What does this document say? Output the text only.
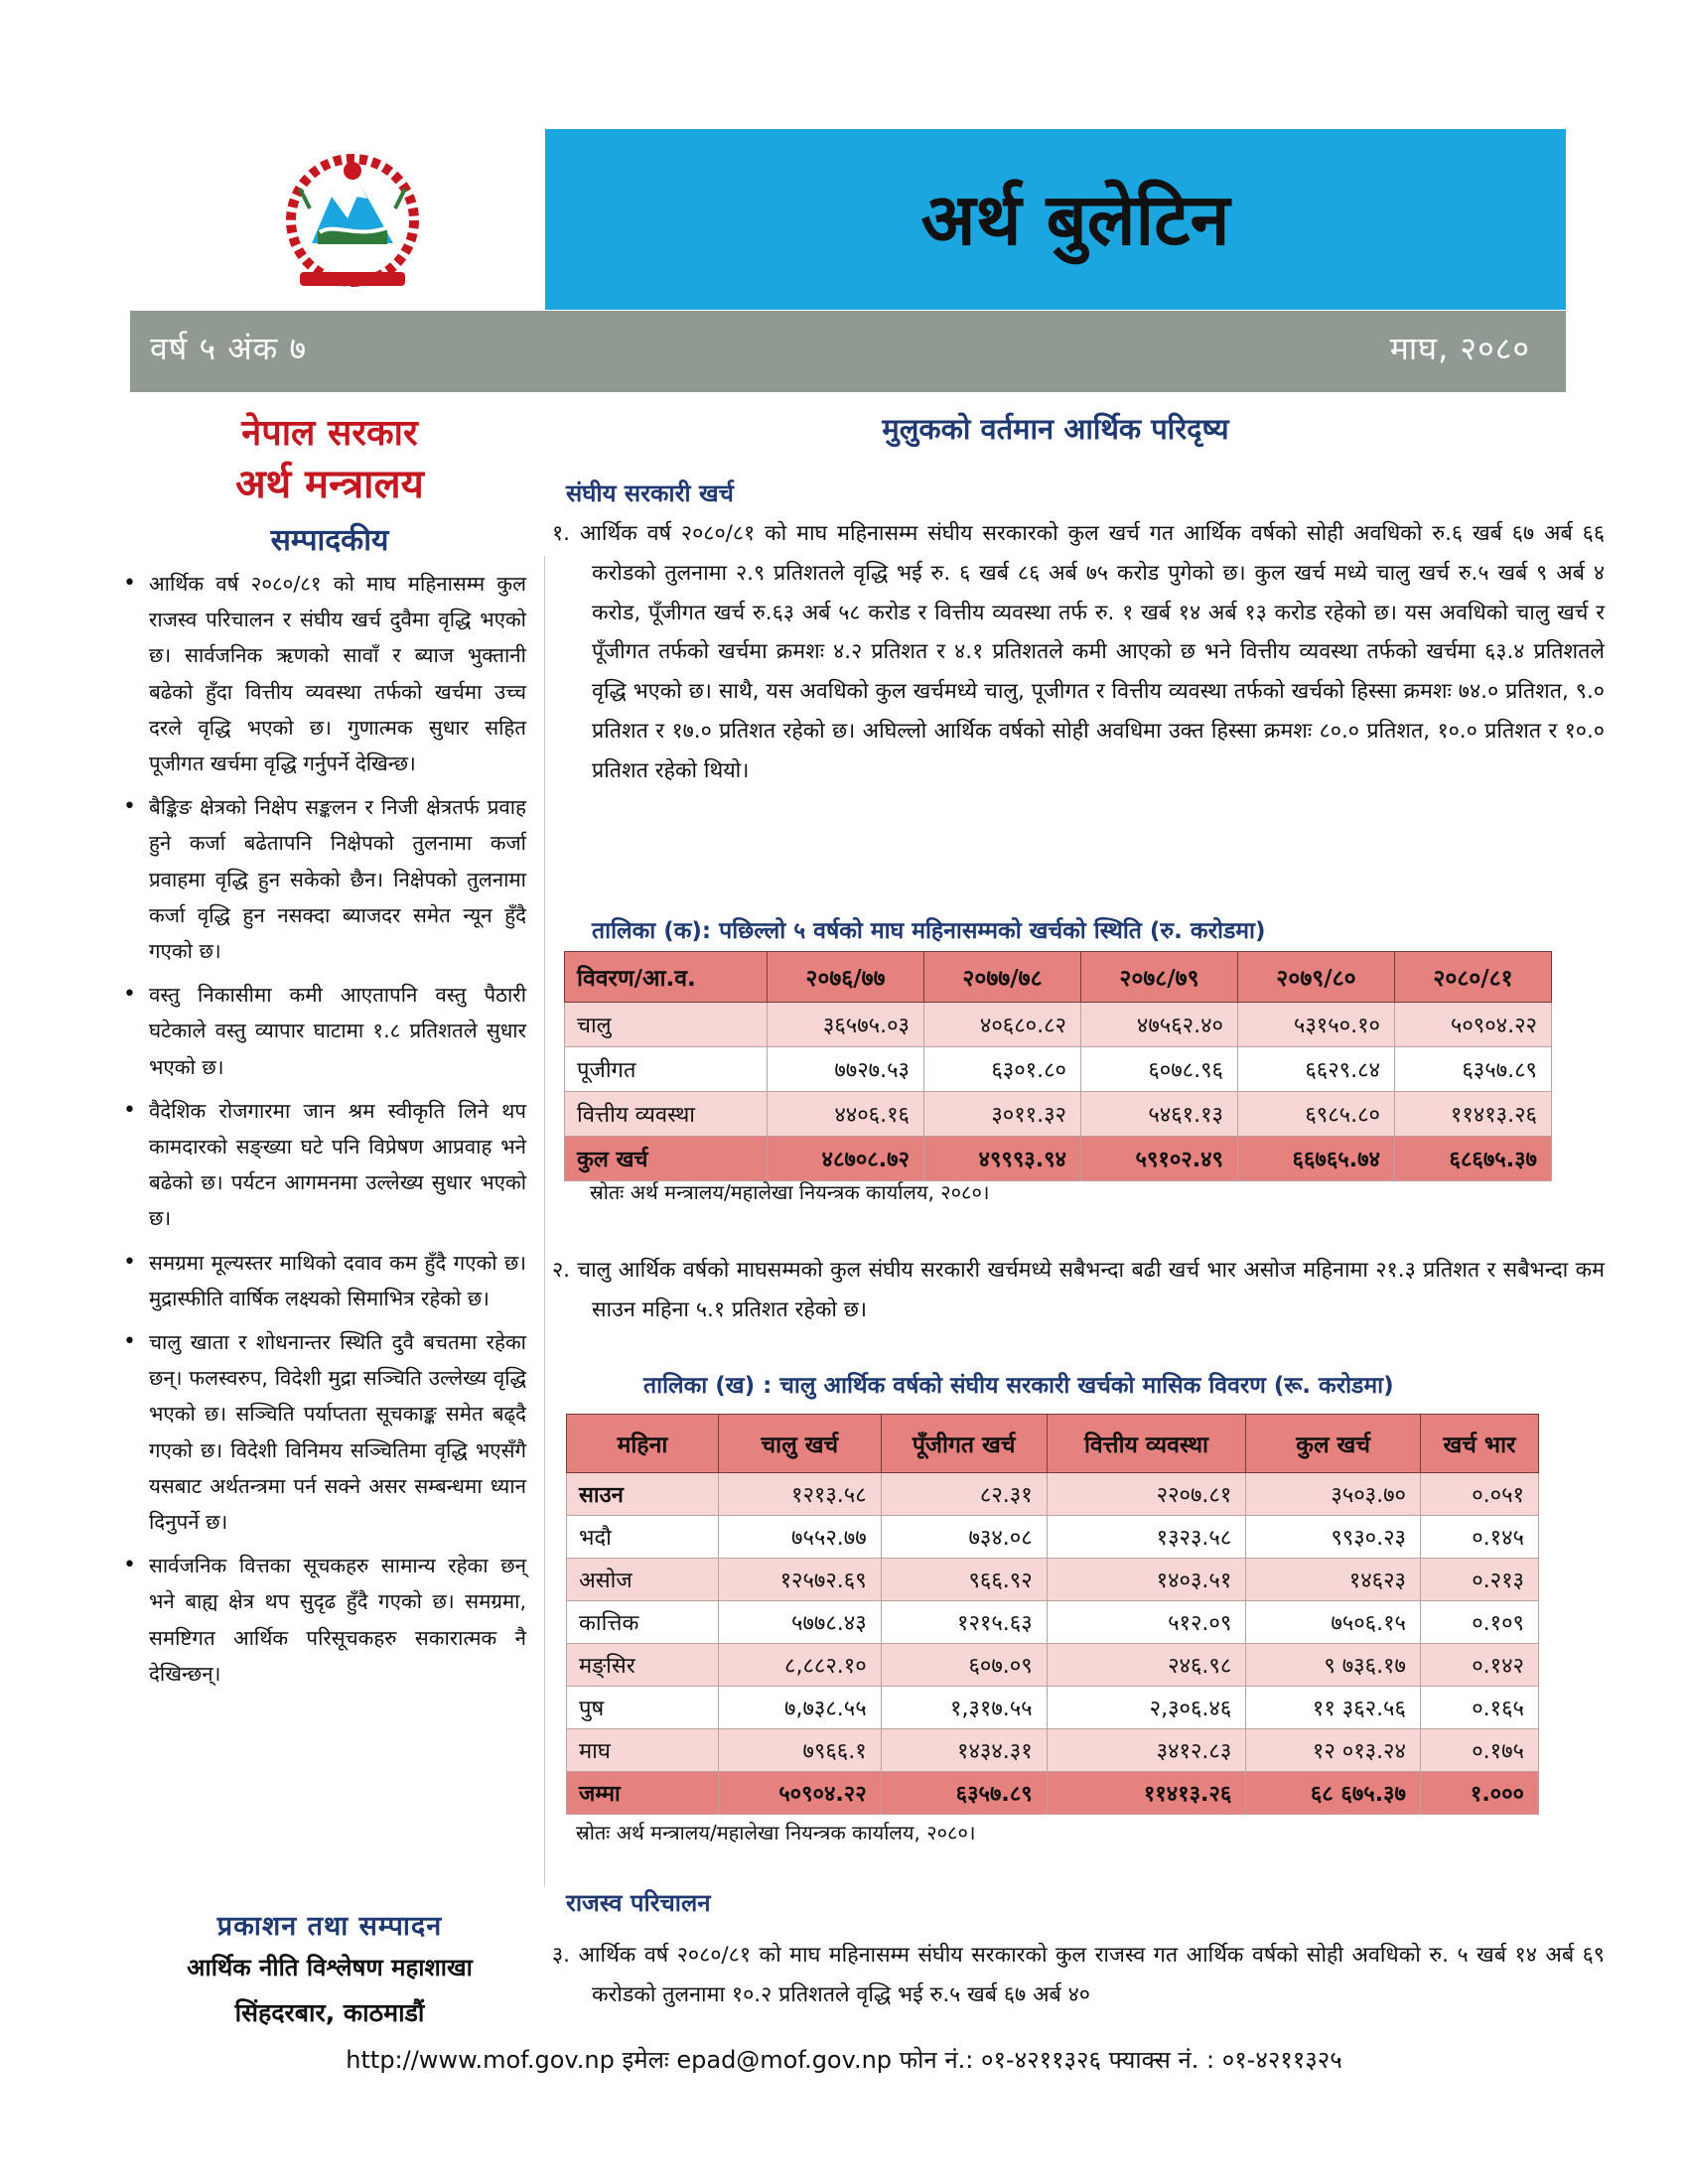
अर्थ बुलेटिन
वर्ष ५ अंक ७	माघ, २०८०
नेपाल सरकार
अर्थ मन्त्रालय
सम्पादकीय
• आर्थिक वर्ष २०८०/८१ को माघ महिनासम्म कुल राजस्व परिचालन र संघीय खर्च दुवैमा वृद्धि भएको छ। सार्वजनिक ऋणको सावाँ र ब्याज भुक्तानी बढेको हुँदा वित्तीय व्यवस्था तर्फको खर्चमा उच्च दरले वृद्धि भएको छ। गुणात्मक सुधार सहित पूजीगत खर्चमा वृद्धि गर्नुपर्ने देखिन्छ।
• बैङ्किङ क्षेत्रको निक्षेप सङ्कलन र निजी क्षेत्रतर्फ प्रवाह हुने कर्जा बढेतापनि निक्षेपको तुलनामा कर्जा प्रवाहमा वृद्धि हुन सकेको छैन। निक्षेपको तुलनामा कर्जा वृद्धि हुन नसक्दा ब्याजदर समेत न्यून हुँदै गएको छ।
• वस्तु निकासीमा कमी आएतापनि वस्तु पैठारी घटेकाले वस्तु व्यापार घाटामा १.८ प्रतिशतले सुधार भएको छ।
• वैदेशिक रोजगारमा जान श्रम स्वीकृति लिने थप कामदारको सङ्ख्या घटे पनि विप्रेषण आप्रवाह भने बढेको छ। पर्यटन आगमनमा उल्लेख्य सुधार भएको छ।
• समग्रमा मूल्यस्तर माथिको दवाव कम हुँदै गएको छ।मुद्रास्फीति वार्षिक लक्ष्यको सिमाभित्र रहेको छ।
• चालु खाता र शोधनान्तर स्थिति दुवै बचतमा रहेका छन्। फलस्वरुप, विदेशी मुद्रा सञ्चिति उल्लेख्य वृद्धि भएको छ। सञ्चिति पर्याप्तता सूचकाङ्क समेत बढ्दै गएको छ। विदेशी विनिमय सञ्चितिमा वृद्धि भएसँगै यसबाट अर्थतन्त्रमा पर्न सक्ने असर सम्बन्धमा ध्यान दिनुपर्ने छ।
• सार्वजनिक वित्तका सूचकहरु सामान्य रहेका छन् भने बाह्य क्षेत्र थप सुदृढ हुँदै गएको छ। समग्रमा, समष्टिगत आर्थिक परिसूचकहरु सकारात्मक नै देखिन्छन्।
प्रकाशन तथा सम्पादन
आर्थिक नीति विश्लेषण महाशाखा
सिंहदरबार, काठमाडौं
मुलुकको वर्तमान आर्थिक परिदृष्य
संघीय सरकारी खर्च
१. आर्थिक वर्ष २०८०/८१ को माघ महिनासम्म संघीय सरकारको कुल खर्च गत आर्थिक वर्षको सोही अवधिको रु.६ खर्ब ६७ अर्ब ६६ करोडको तुलनामा २.९ प्रतिशतले वृद्धि भई रु. ६ खर्ब ८६ अर्ब ७५ करोड पुगेको छ। कुल खर्च मध्ये चालु खर्च रु.५ खर्ब ९ अर्ब ४ करोड, पूँजीगत खर्च रु.६३ अर्ब ५८ करोड र वित्तीय व्यवस्था तर्फ रु. १ खर्ब १४ अर्ब १३ करोड रहेको छ। यस अवधिको चालु खर्च र पूँजीगत तर्फको खर्चमा क्रमशः ४.२ प्रतिशत र ४.१ प्रतिशतले कमी आएको छ भने वित्तीय व्यवस्था तर्फको खर्चमा ६३.४ प्रतिशतले वृद्धि भएको छ। साथै, यस अवधिको कुल खर्चमध्ये चालु, पूजीगत र वित्तीय व्यवस्था तर्फको खर्चको हिस्सा क्रमशः ७४.० प्रतिशत, ९.० प्रतिशत र १७.० प्रतिशत रहेको छ। अघिल्लो आर्थिक वर्षको सोही अवधिमा उक्त हिस्सा क्रमशः ८०.० प्रतिशत, १०.० प्रतिशत र १०.० प्रतिशत रहेको थियो।
तालिका (क): पछिल्लो ५ वर्षको माघ महिनासम्मको खर्चको स्थिति (रु. करोडमा)
विवरण/आ.व.	२०७६/७७	२०७७/७८	२०७८/७९	२०७९/८०	२०८०/८१
चालु	३६५७५.०३	४०६८०.८२	४७५६२.४०	५३१५०.१०	५०९०४.२२
पूजीगत	७७२७.५३	६३०१.८०	६०७८.९६	६६२९.८४	६३५७.८९
वित्तीय व्यवस्था	४४०६.१६	३०११.३२	५४६१.१३	६९८५.८०	११४१३.२६
कुल खर्च	४८७०८.७२	४९९९३.९४	५९१०२.४९	६६७६५.७४	६८६७५.३७
स्रोतः अर्थ मन्त्रालय/महालेखा नियन्त्रक कार्यालय, २०८०।
२. चालु आर्थिक वर्षको माघसम्मको कुल संघीय सरकारी खर्चमध्ये सबैभन्दा बढी खर्च भार असोज महिनामा २१.३ प्रतिशत र सबैभन्दा कम साउन महिना ५.१ प्रतिशत रहेको छ।
तालिका (ख) : चालु आर्थिक वर्षको संघीय सरकारी खर्चको मासिक विवरण (रू. करोडमा)
महिना	चालु खर्च	पूँजीगत खर्च	वित्तीय व्यवस्था	कुल खर्च	खर्च भार
साउन	१२१३.५८	८२.३१	२२०७.८१	३५०३.७०	०.०५१
भदौ	७५५२.७७	७३४.०८	१३२३.५८	९९३०.२३	०.१४५
असोज	१२५७२.६९	९६६.९२	१४०३.५१	१४६२३	०.२१३
कात्तिक	५७७८.४३	१२१५.६३	५१२.०९	७५०६.१५	०.१०९
मङ्सिर	८,८८२.१०	६०७.०९	२४६.९८	९ ७३६.१७	०.१४२
पुष	७,७३८.५५	१,३१७.५५	२,३०६.४६	११ ३६२.५६	०.१६५
माघ	७९६६.१	१४३४.३१	३४१२.८३	१२ ०१३.२४	०.१७५
जम्मा	५०९०४.२२	६३५७.८९	११४१३.२६	६८ ६७५.३७	१.०००
स्रोतः अर्थ मन्त्रालय/महालेखा नियन्त्रक कार्यालय, २०८०।
राजस्व परिचालन
३. आर्थिक वर्ष २०८०/८१ को माघ महिनासम्म संघीय सरकारको कुल राजस्व गत आर्थिक वर्षको सोही अवधिको रु. ५ खर्ब १४ अर्ब ६९ करोडको तुलनामा १०.२ प्रतिशतले वृद्धि भई रु.५ खर्ब ६७ अर्ब ४०
http://www.mof.gov.np इमेलः epad@mof.gov.np फोन नं.: ०१-४२११३२६ फ्याक्स नं. : ०१-४२११३२५
